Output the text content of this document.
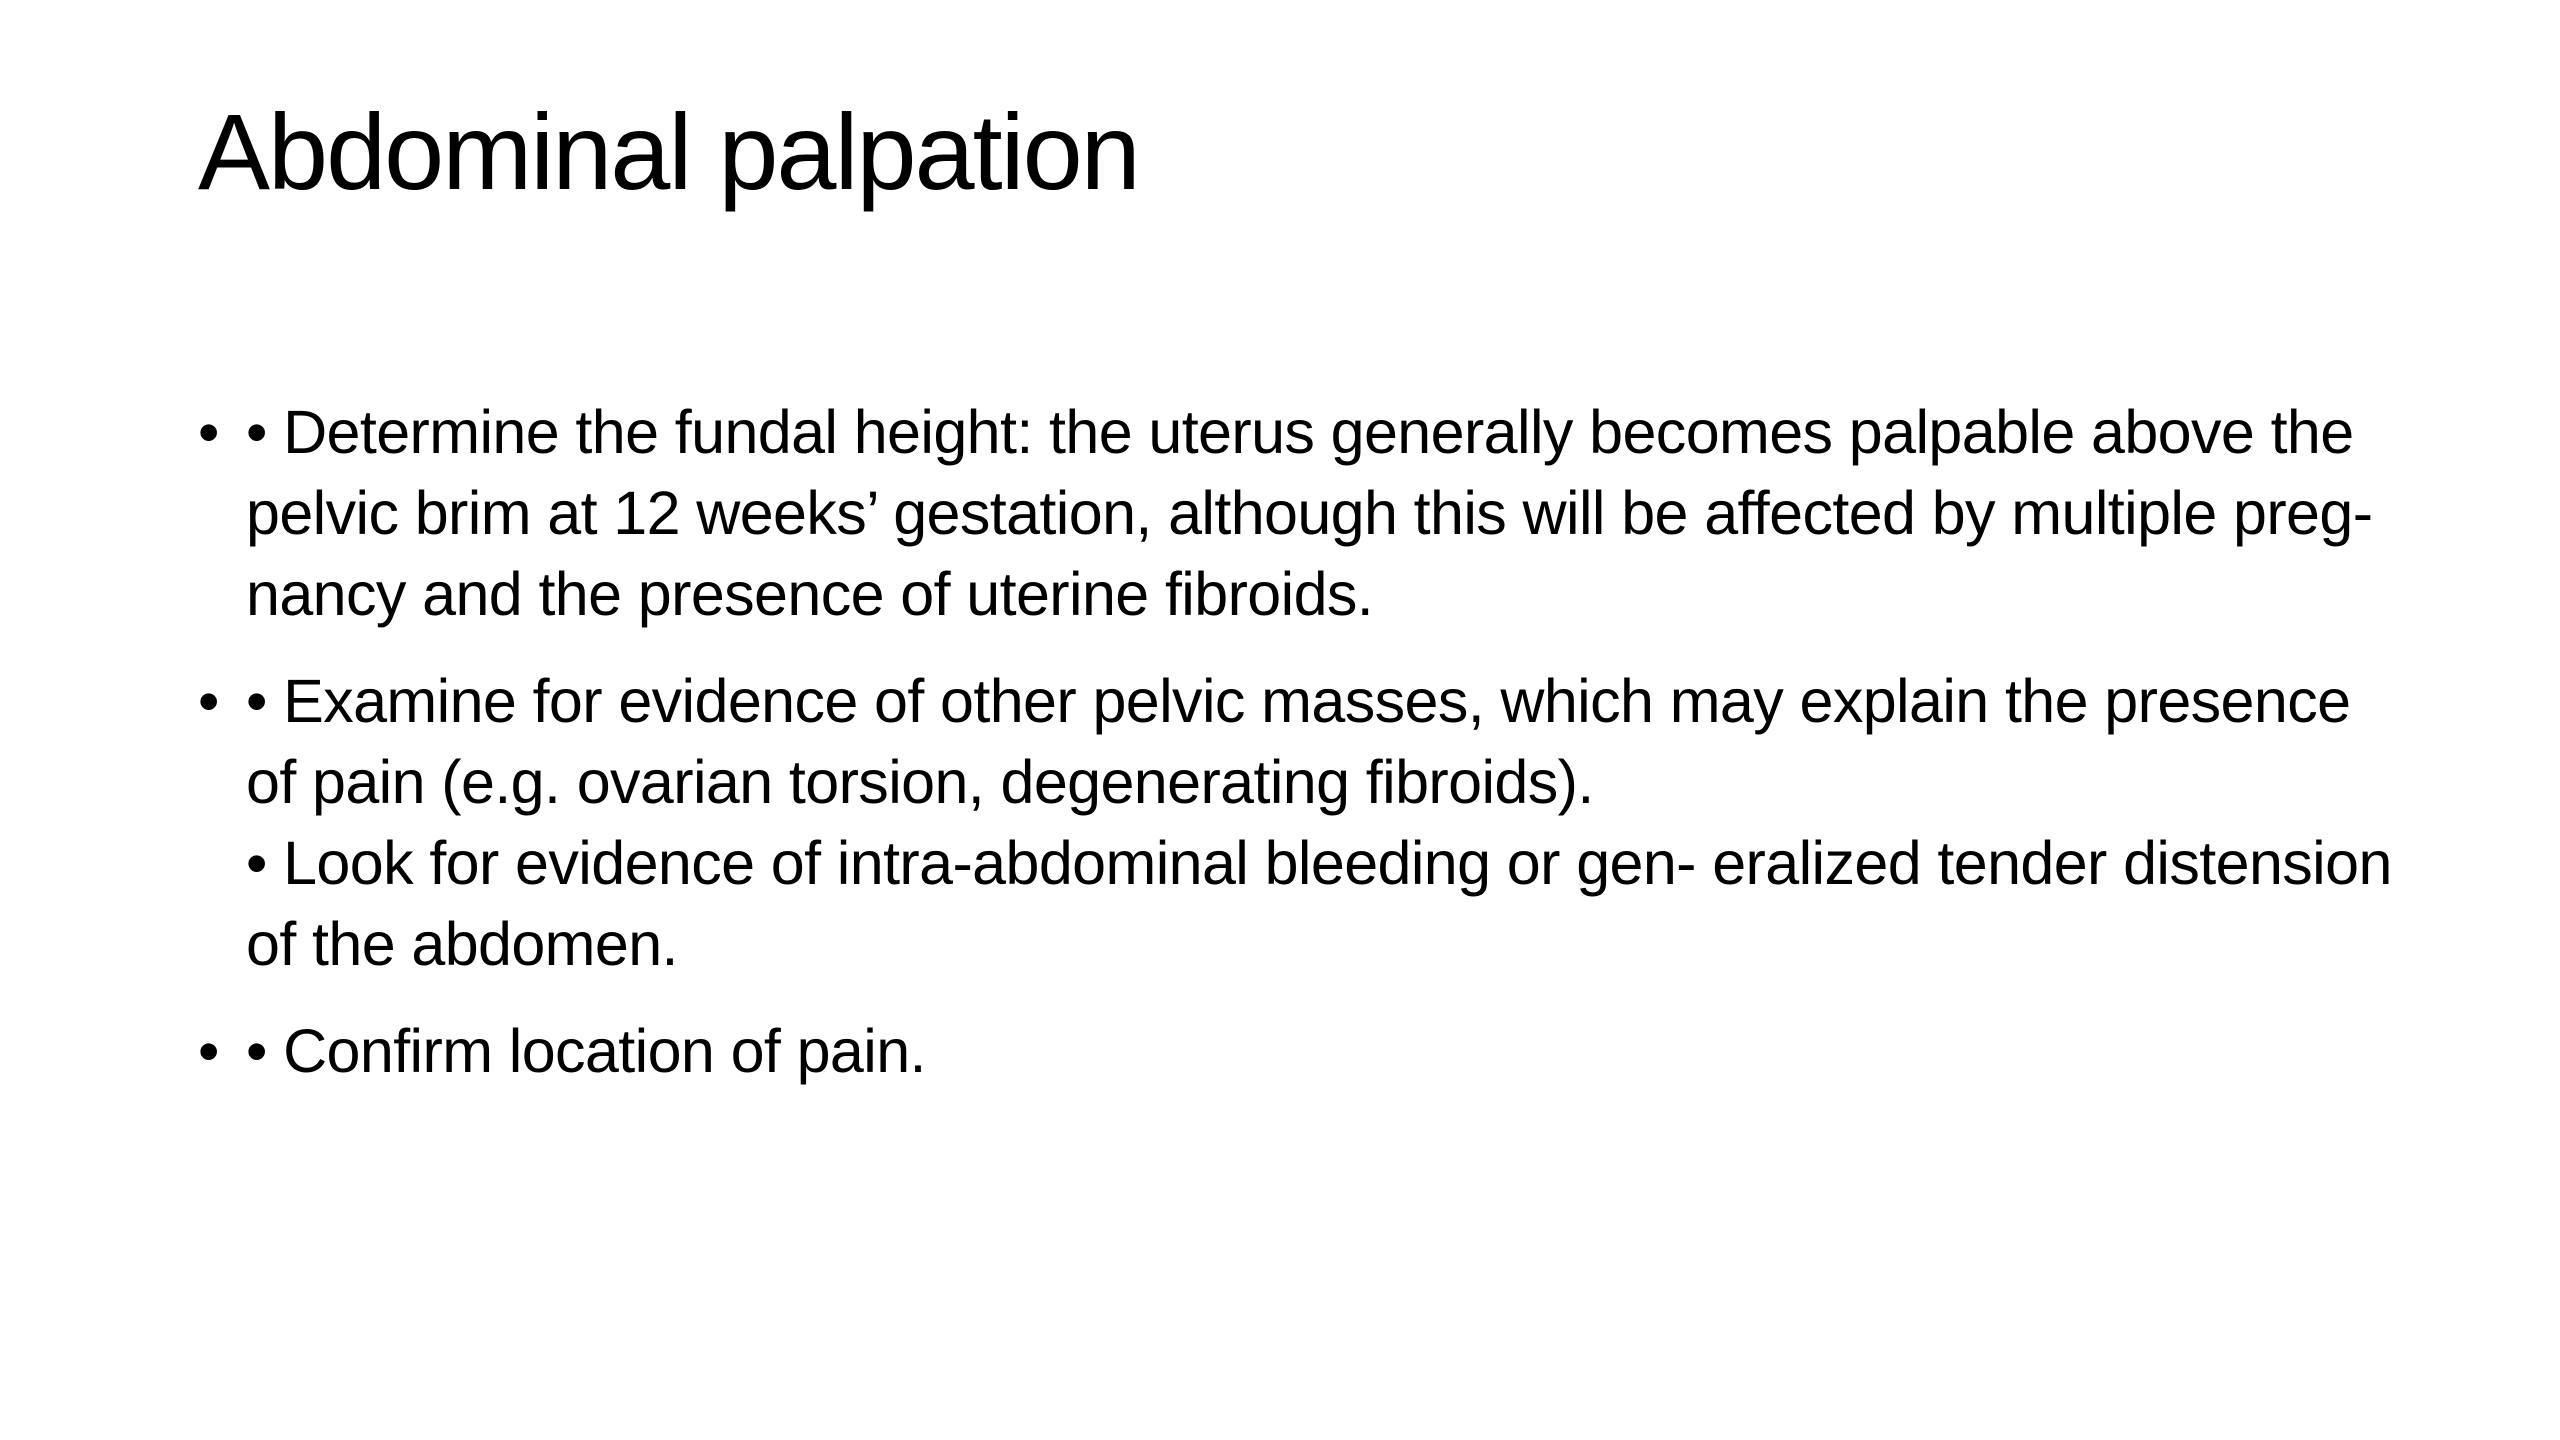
Abdominal palpation
• • Determine the fundal height: the uterus generally becomes palpable above the pelvic brim at 12 weeks’ gestation, although this will be affected by multiple preg- nancy and the presence of uterine fibroids.
• • Examine for evidence of other pelvic masses, which may explain the presence of pain (e.g. ovarian torsion, degenerating fibroids).
• Look for evidence of intra-abdominal bleeding or gen- eralized tender distension of the abdomen.
• • Confirm location of pain.
